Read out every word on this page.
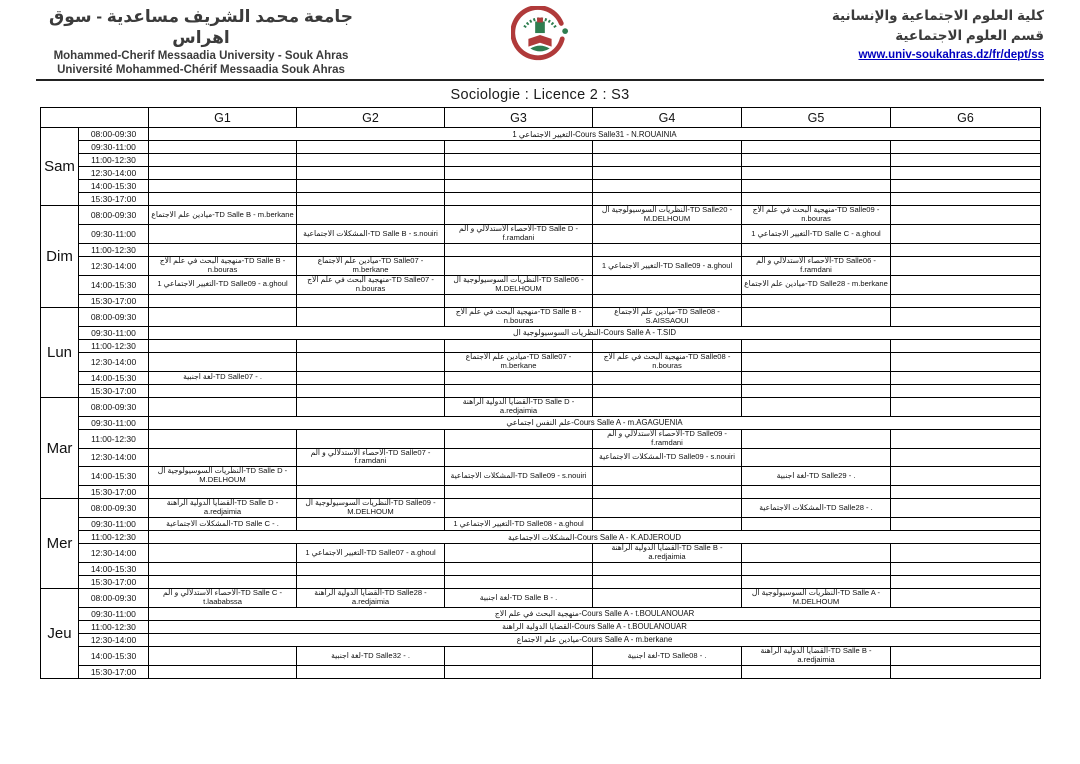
جامعة محمد الشريف مساعدية - سوق اهراس
Mohammed-Cherif Messaadia University - Souk Ahras
Université Mohammed-Chérif Messaadia Souk Ahras
كلية العلوم الاجتماعية والإنسانية
قسم العلوم الاجتماعية
www.univ-soukahras.dz/fr/dept/ss
Sociologie : Licence 2 : S3
		G1	G2	G3	G4	G5	G6
Sam	08:00-09:30	التغيير الاجتماعي 1-Cours Salle31 - N.ROUAINIA					
	09:30-11:00						
	11:00-12:30						
	12:30-14:00						
	14:00-15:30						
	15:30-17:00						
Dim	08:00-09:30	ميادين علم الاجتماع-TD Salle B - m.berkane			النظريات السوسيولوجية ال-TD Salle20 - M.DELHOUM	منهجية البحث في علم الاج-TD Salle09 - n.bouras	
	09:30-11:00		المشكلات الاجتماعية-TD Salle B - s.nouiri	الاحصاء الاستدلالي و الم-TD Salle D - f.ramdani		التغيير الاجتماعي 1-TD Salle C - a.ghoul	
	11:00-12:30						
	12:30-14:00	منهجية البحث في علم الاج-TD Salle B - n.bouras	ميادين علم الاجتماع-TD Salle07 - m.berkane		التغيير الاجتماعي 1-TD Salle09 - a.ghoul	الاحصاء الاستدلالي و الم-TD Salle06 - f.ramdani	
	14:00-15:30	التغيير الاجتماعي 1-TD Salle09 - a.ghoul	منهجية البحث في علم الاج-TD Salle07 - n.bouras	النظريات السوسيولوجية ال-TD Salle06 - M.DELHOUM		ميادين علم الاجتماع-TD Salle28 - m.berkane	
	15:30-17:00						
Lun	08:00-09:30			منهجية البحث في علم الاج-TD Salle B - n.bouras	ميادين علم الاجتماع-TD Salle08 - S.AISSAOUI		
	09:30-11:00	النظريات السوسيولوجية ال-Cours Salle A - T.SID					
	11:00-12:30						
	12:30-14:00			ميادين علم الاجتماع-TD Salle07 - m.berkane	منهجية البحث في علم الاج-TD Salle08 - n.bouras		
	14:00-15:30	لغة اجنبية-TD Salle07 - .					
	15:30-17:00						
Mar	08:00-09:30			القضايا الدولية الراهنة-TD Salle D - a.redjaimia			
	09:30-11:00	علم النفس اجتماعي-Cours Salle A - m.AGAGUENIA					
	11:00-12:30				الاحصاء الاستدلالي و الم-TD Salle09 - f.ramdani		
	12:30-14:00		الاحصاء الاستدلالي و الم-TD Salle07 - f.ramdani		المشكلات الاجتماعية-TD Salle09 - s.nouiri		
	14:00-15:30	النظريات السوسيولوجية ال-TD Salle D - M.DELHOUM		المشكلات الاجتماعية-TD Salle09 - s.nouiri		لغة اجنبية-TD Salle29 - .	
	15:30-17:00						
Mer	08:00-09:30	القضايا الدولية الراهنة-TD Salle D - a.redjaimia	النظريات السوسيولوجية ال-TD Salle09 - M.DELHOUM			المشكلات الاجتماعية-TD Salle28 - .	
	09:30-11:00	المشكلات الاجتماعية-TD Salle C - .		التغيير الاجتماعي 1-TD Salle08 - a.ghoul			
	11:00-12:30	المشكلات الاجتماعية-Cours Salle A - K.ADJEROUD					
	12:30-14:00		التغيير الاجتماعي 1-TD Salle07 - a.ghoul		القضايا الدولية الراهنة-TD Salle B - a.redjaimia		
	14:00-15:30						
	15:30-17:00						
Jeu	08:00-09:30	الاحصاء الاستدلالي و الم-TD Salle C - t.laababssa	القضايا الدولية الراهنة-TD Salle28 - a.redjaimia	لغة اجنبية-TD Salle B - .		النظريات السوسيولوجية ال-TD Salle A - M.DELHOUM	
	09:30-11:00	منهجية البحث في علم الاج-Cours Salle A - t.BOULANOUAR					
	11:00-12:30	القضايا الدولية الراهنة-Cours Salle A - t.BOULANOUAR					
	12:30-14:00	ميادين علم الاجتماع-Cours Salle A - m.berkane					
	14:00-15:30		لغة اجنبية-TD Salle32 - .		لغة اجنبية-TD Salle08 - .	القضايا الدولية الراهنة-TD Salle B - a.redjaimia	
	15:30-17:00						
